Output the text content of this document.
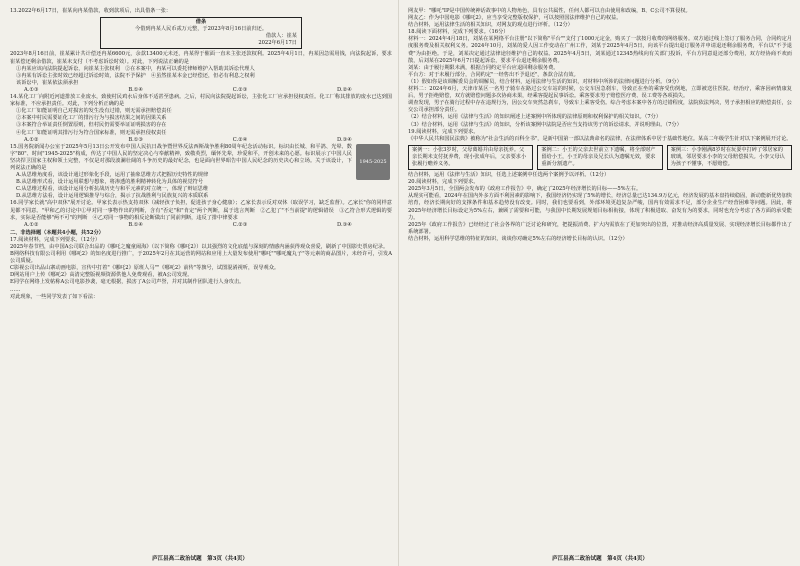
13.2022年6月17日，崔某向冉某借款，收到款项后，出具借条一张：

借条
今借到冉某人民币贰万元整，于2023年8月16日前归还。
借款人：崔某
2022年6月17日

2023年8月16日前，崔某累计共计偿还冉某6600元，余款13400元未还，冉某得于催面一直未主张还款权利。2025年4月1日，冉某因急需用钱，向法院起诉，要求崔某偿还剩余借款，崔某未支付（不考虑诉讼时效）。对此，下列说法正确的是

①冉某应该向法院提起诉讼，向崔某主张权利　②在本案中，冉某可以委托律师维护入帮助其诉讼代理人

③冉某有诉讼主张时效已经超过诉讼时效，法院不予保护　④虽然崔某本金已经偿还，但必有利息之权利

该诉讼中，崔某依法须承担

A.①③	B.①④	C.②③	D.②④

14.某化工厂向附近河道排放工业废水，致使村民鸡水后身体不适甚至患病。之后，村民向法院提起诉讼，主张化工厂应承担侵权责任。化工厂称其排放的废水已达到国家标准，不应承担责任。对此，下列分析正确的是

①化工厂如能证明自己对损害的发生没有过错，则无需承担赔偿责任

②本案中村民需要证化工厂的排污行为与损害结果之间的因果关系

③本案符合举证责任倒置原则，但村民仍需要举证证明损害的存在

④化工厂如能证明其排污行为符合国家标准，则无需承担侵权责任

A.①②	B.①③	C.②④	D.③④
1945-2025

15.国务院新闻办公室于2025年5月13日公开发布中国人民抗日战争暨世界反法西斯战争胜利80周年纪念活动标识。标识由长城、和平鸽、光晕、数字"80"、时间"1945-2025"构成，传达了中国人民的坚定决心与奉献精神，致敬英烈，缅怀先辈，珍爱和平，开创未来的心愿。标识展示了中国人民坚决捍卫国家主权和领土完整，不仅是对那段波澜壮阔的斗争历史的最好纪念，也是面向世界昭告中国人民纪念的历史决心和立场。关于该设计，下列说法正确的是

A.从思维角度看，该设计通过形象化手段，运用了抽象思维方式把握历史特性的规律

B.从思维形式看，设计运用联想与想象，将渗透的胜利精神转化为具体的视觉符号

C.从思维过程看，该设计运用分析抗战历史与和平元素的对立统一，体现了辩证思维

D.从思维方法看，设计运用逻辑推导与综合，揭示了抗战胜利与民族复兴的本质联系

16.同学家长就"高中双休"展开讨论。甲家长表示热支持双休（减轻孩子负担，促进孩子身心健康）；乙家长表示反对双休（取误学习，缺乏监督）。乙家长"你的同样意见都不同意。"甲和乙的讨论中①甲对同一事物作出的判断，含有"否定"和"肯定"两个判断，属于选言判断　②乙犯了"不当前提"的逻辑错误　③乙符合形式逻辑的要求，实际是否能够"两不可"的判断　④乙对同一事物的相反论断做出了同前判断，违反了排中律要求

A.①②	B.①④	C.②③	D.③④

二、非选择题（本题共4小题，共52分）

17.阅读材料，完成下列要求。（12分）

2025年春节档，由中国A公司联合出品的《哪吒之魔童闹海》（以下简称《哪吒2》）以其强烈的文化底蕴与深刻的情感内涵获得观众喜爱，刷新了中国影史票房纪录。

B网络科技有限公司利用《哪吒2》的知名度进行推广，于2025年2月在其运营的网站和应用上大量发布使用"哪吒""哪吒魔丸子"等元素的商品图片，未经许可，引发A公司质疑。

C影视公司出品山寨动画电影，宣传中打着"《哪吒2》原班人马""《哪吒2》前传"等旗号，试图混淆视听，误导观众。

D网站用户上传《哪吒2》高清完整版视频资源供他人免费观看，被A公司发现。

E同学在网络上发帖称A公司电影抄袭，毫无根据，损害了A公司声誉，并对其制作团队进行人身攻击。

……

对此现象，一些同学发表了如下看法：

庐江县高二政治试题　第3页（共4页）

网友甲："哪吒"IP是中国传统神话故事中的人物角色，具有公共属性，任何人都可以自由使用和改编，B、C公司不算侵权。

网友乙：作为中国电影《哪吒2》，应当享受完整版权保护，可以按照国法律维护自己的权益。

结合材料，运用法律生活的相关知识，对网友的观点进行评析。（12分）

18.阅读下面材料，完成下列要求。（16分）

材料一：2024年4月18日，刘某在某网络平台注册"以下简称"平台""支付了1000元定金，购买了一款按月收费的网络服务。双方通过线上签订了服务合同，合同约定月度服务费及相关权利义务。2024年10月，刘某的爱人因工作变动在广州工作，刘某于2025年4月5日，向该平台提出退订服务并申请退还剩余服务费，平台以"不予退费"为由拒绝。于是，刘某决定通过法律途径维护自己的权益。2025年4月5日，刘某通过12345热线向有关部门投诉，平台方同意退还部分费用，双方经协商不欢而散，后刘某在2025年6月7日提起诉讼，要求平台退还剩余服务费。

刘某：由于履行期限未满，根据合同约定平台应退回剩余服务费。

平台方：对于未履行部分，合同约定"一经售出不予退还"，条款合法有效。

（1）假如你是该调解委员会的调解员，结合材料，运用法律与生活的知识，对材料中所涉的法律问题进行分析。（9分）

材料二：2024年6月，天津市某区一名男子骑车在路过公交车站的时候，公交车因急刹车，导致正在坐的乘客受伤倒地，立即被送往医院。经治疗，乘客因病情康复后，男子拒绝赔偿，双方就赔偿问题多次协商未果，经乘客提起民事诉讼。乘客要求男子赔偿医疗费、误工费等各项损失。

调查发现，男子在骑行过程中存在违规行为，因公交车突然急刹车，导致车上乘客受伤。综合考虑本案中各方的过错程度，法院依法判决，男子承担相应的赔偿责任，公交公司承担部分责任。

（2）结合材料，运用《法律与生活》的知识阐述上述案例中所体现的法律原则和权利保护的相关知识。（7分）

（3）结合材料，运用《法律与生活》的知识，分析该案例中法院是否应当支持该男子的诉讼请求，并说明理由。（7分）

19.阅读材料，完成下列要求。

《中华人民共和国民法典》被称为"社会生活的百科全书"，是新中国第一部以法典命名的法律，在法律体系中居于基础性地位。某高二年级学生针对以下案例展开讨论。

案例一：小张3岁时，父母离婚并由母亲抚养。父亲长期未支付抚养费，现小张成年后，父亲要求小张履行赡养义务。
案例二：小王的父亲去世前立下遗嘱，将全部财产留给小王，小王的母亲及兄长认为遗嘱无效，要求重新分割遗产。
案例三：小李刚满8岁时在玩耍中打碎了邻居家的玻璃，邻居要求小李的父母赔偿损失。小李父母认为孩子不懂事，不愿赔偿。

结合材料，运用《法律与生活》知识，任选上述案例中任选两个案例予以评析。（12分）

20.阅读材料，完成下列要求。

2025年3月5日，全国两会发布的《政府工作报告》中，确定了2025年经济增长的目标——5%左右。

从现实可能看，2024年在国内外多方面不利因素的影响下，我国经济仍实现了5%的增长，经济总量已达134.9万亿元，经济发展的基本盘持续稳固，新动能新优势加快培育，经济长期向好的支撑条件和基本趋势没有改变。同时，我们也要看到，外部环境更趋复杂严峻，国内有效需求不足，部分企业生产经营困难等问题。因此，将2025年经济增长目标设定为5%左右，兼顾了需要和可能，与我国中长期发展规划目标相衔接，体现了积极进取、奋发有为的要求，同时也充分考虑了各方面的承受能力。

2025年《政府工作报告》已经经过了社会各界的广泛讨论和研究，把提振消费、扩大内需放在了更加突出的位置，对推动经济高质量发展、实现经济增长目标都作出了系统部署。

结合材料，运用科学思维的特征的知识，谈谈你对确定5%左右的经济增长目标的认识。（12分）

庐江县高二政治试题　第4页（共4页）
